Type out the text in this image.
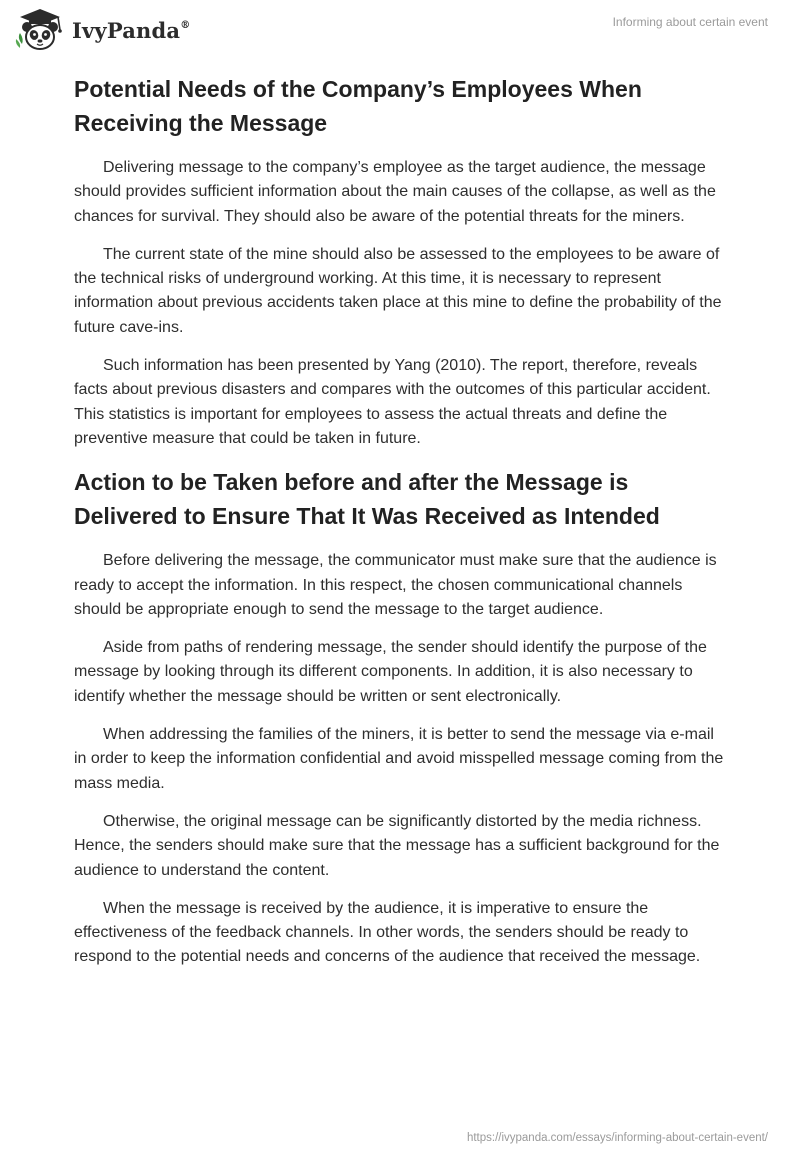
IvyPanda®	Informing about certain event
Potential Needs of the Company’s Employees When Receiving the Message

Delivering message to the company’s employee as the target audience, the message should provides sufficient information about the main causes of the collapse, as well as the chances for survival. They should also be aware of the potential threats for the miners.

The current state of the mine should also be assessed to the employees to be aware of the technical risks of underground working. At this time, it is necessary to represent information about previous accidents taken place at this mine to define the probability of the future cave-ins.

Such information has been presented by Yang (2010). The report, therefore, reveals facts about previous disasters and compares with the outcomes of this particular accident. This statistics is important for employees to assess the actual threats and define the preventive measure that could be taken in future.

Action to be Taken before and after the Message is Delivered to Ensure That It Was Received as Intended

Before delivering the message, the communicator must make sure that the audience is ready to accept the information. In this respect, the chosen communicational channels should be appropriate enough to send the message to the target audience.

Aside from paths of rendering message, the sender should identify the purpose of the message by looking through its different components. In addition, it is also necessary to identify whether the message should be written or sent electronically.

When addressing the families of the miners, it is better to send the message via e-mail in order to keep the information confidential and avoid misspelled message coming from the mass media.

Otherwise, the original message can be significantly distorted by the media richness. Hence, the senders should make sure that the message has a sufficient background for the audience to understand the content.

When the message is received by the audience, it is imperative to ensure the effectiveness of the feedback channels. In other words, the senders should be ready to respond to the potential needs and concerns of the audience that received the message.

https://ivypanda.com/essays/informing-about-certain-event/
